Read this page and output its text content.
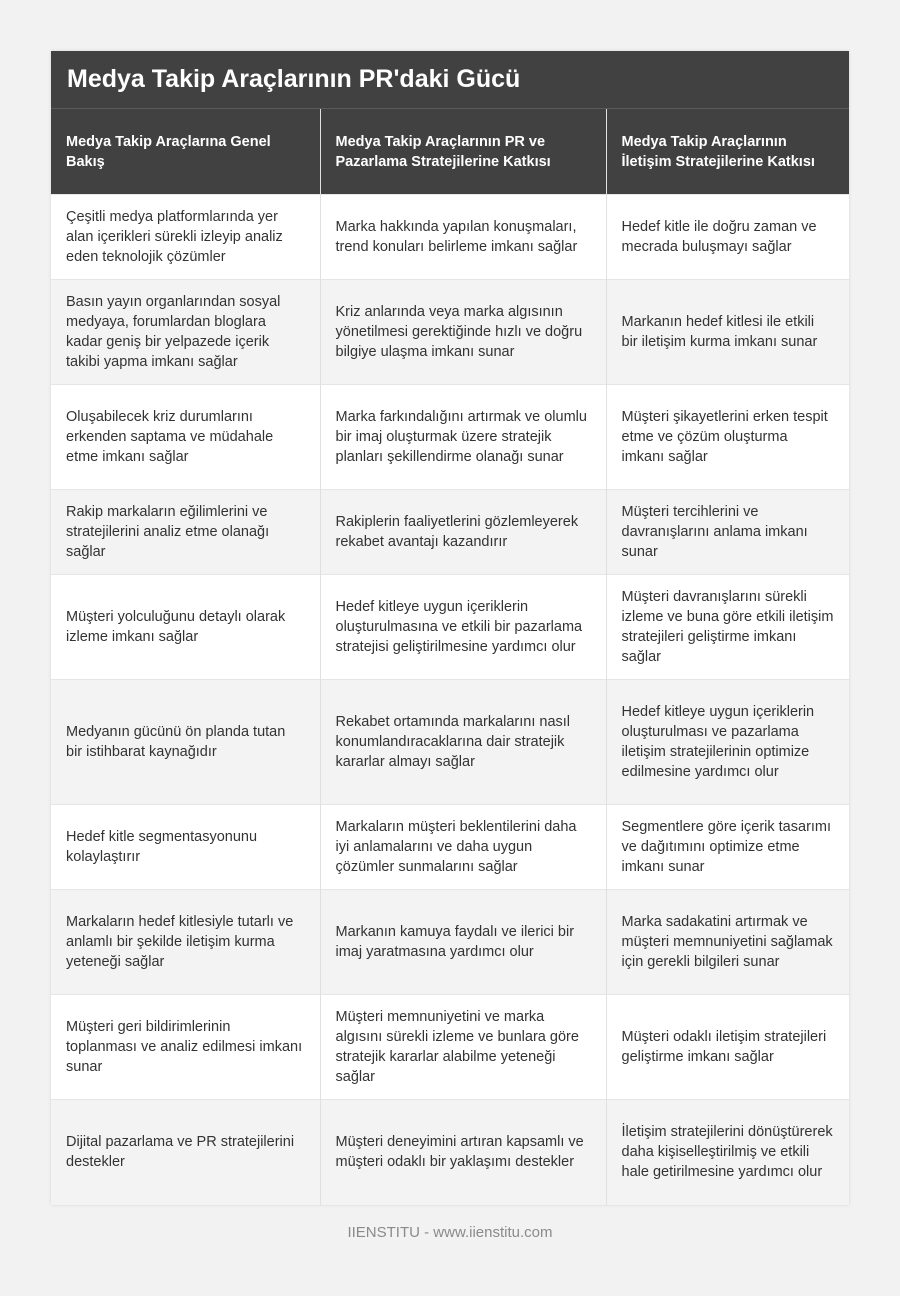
Medya Takip Araçlarının PR'daki Gücü
Medya Takip Araçlarına Genel Bakış	Medya Takip Araçlarının PR ve Pazarlama Stratejilerine Katkısı	Medya Takip Araçlarının İletişim Stratejilerine Katkısı
Çeşitli medya platformlarında yer alan içerikleri sürekli izleyip analiz eden teknolojik çözümler	Marka hakkında yapılan konuşmaları, trend konuları belirleme imkanı sağlar	Hedef kitle ile doğru zaman ve mecrada buluşmayı sağlar
Basın yayın organlarından sosyal medyaya, forumlardan bloglara kadar geniş bir yelpazede içerik takibi yapma imkanı sağlar	Kriz anlarında veya marka algısının yönetilmesi gerektiğinde hızlı ve doğru bilgiye ulaşma imkanı sunar	Markanın hedef kitlesi ile etkili bir iletişim kurma imkanı sunar
Oluşabilecek kriz durumlarını erkenden saptama ve müdahale etme imkanı sağlar	Marka farkındalığını artırmak ve olumlu bir imaj oluşturmak üzere stratejik planları şekillendirme olanağı sunar	Müşteri şikayetlerini erken tespit etme ve çözüm oluşturma imkanı sağlar
Rakip markaların eğilimlerini ve stratejilerini analiz etme olanağı sağlar	Rakiplerin faaliyetlerini gözlemleyerek rekabet avantajı kazandırır	Müşteri tercihlerini ve davranışlarını anlama imkanı sunar
Müşteri yolculuğunu detaylı olarak izleme imkanı sağlar	Hedef kitleye uygun içeriklerin oluşturulmasına ve etkili bir pazarlama stratejisi geliştirilmesine yardımcı olur	Müşteri davranışlarını sürekli izleme ve buna göre etkili iletişim stratejileri geliştirme imkanı sağlar
Medyanın gücünü ön planda tutan bir istihbarat kaynağıdır	Rekabet ortamında markalarını nasıl konumlandıracaklarına dair stratejik kararlar almayı sağlar	Hedef kitleye uygun içeriklerin oluşturulması ve pazarlama iletişim stratejilerinin optimize edilmesine yardımcı olur
Hedef kitle segmentasyonunu kolaylaştırır	Markaların müşteri beklentilerini daha iyi anlamalarını ve daha uygun çözümler sunmalarını sağlar	Segmentlere göre içerik tasarımı ve dağıtımını optimize etme imkanı sunar
Markaların hedef kitlesiyle tutarlı ve anlamlı bir şekilde iletişim kurma yeteneği sağlar	Markanın kamuya faydalı ve ilerici bir imaj yaratmasına yardımcı olur	Marka sadakatini artırmak ve müşteri memnuniyetini sağlamak için gerekli bilgileri sunar
Müşteri geri bildirimlerinin toplanması ve analiz edilmesi imkanı sunar	Müşteri memnuniyetini ve marka algısını sürekli izleme ve bunlara göre stratejik kararlar alabilme yeteneği sağlar	Müşteri odaklı iletişim stratejileri geliştirme imkanı sağlar
Dijital pazarlama ve PR stratejilerini destekler	Müşteri deneyimini artıran kapsamlı ve müşteri odaklı bir yaklaşımı destekler	İletişim stratejilerini dönüştürerek daha kişiselleştirilmiş ve etkili hale getirilmesine yardımcı olur
IIENSTITU - www.iienstitu.com
